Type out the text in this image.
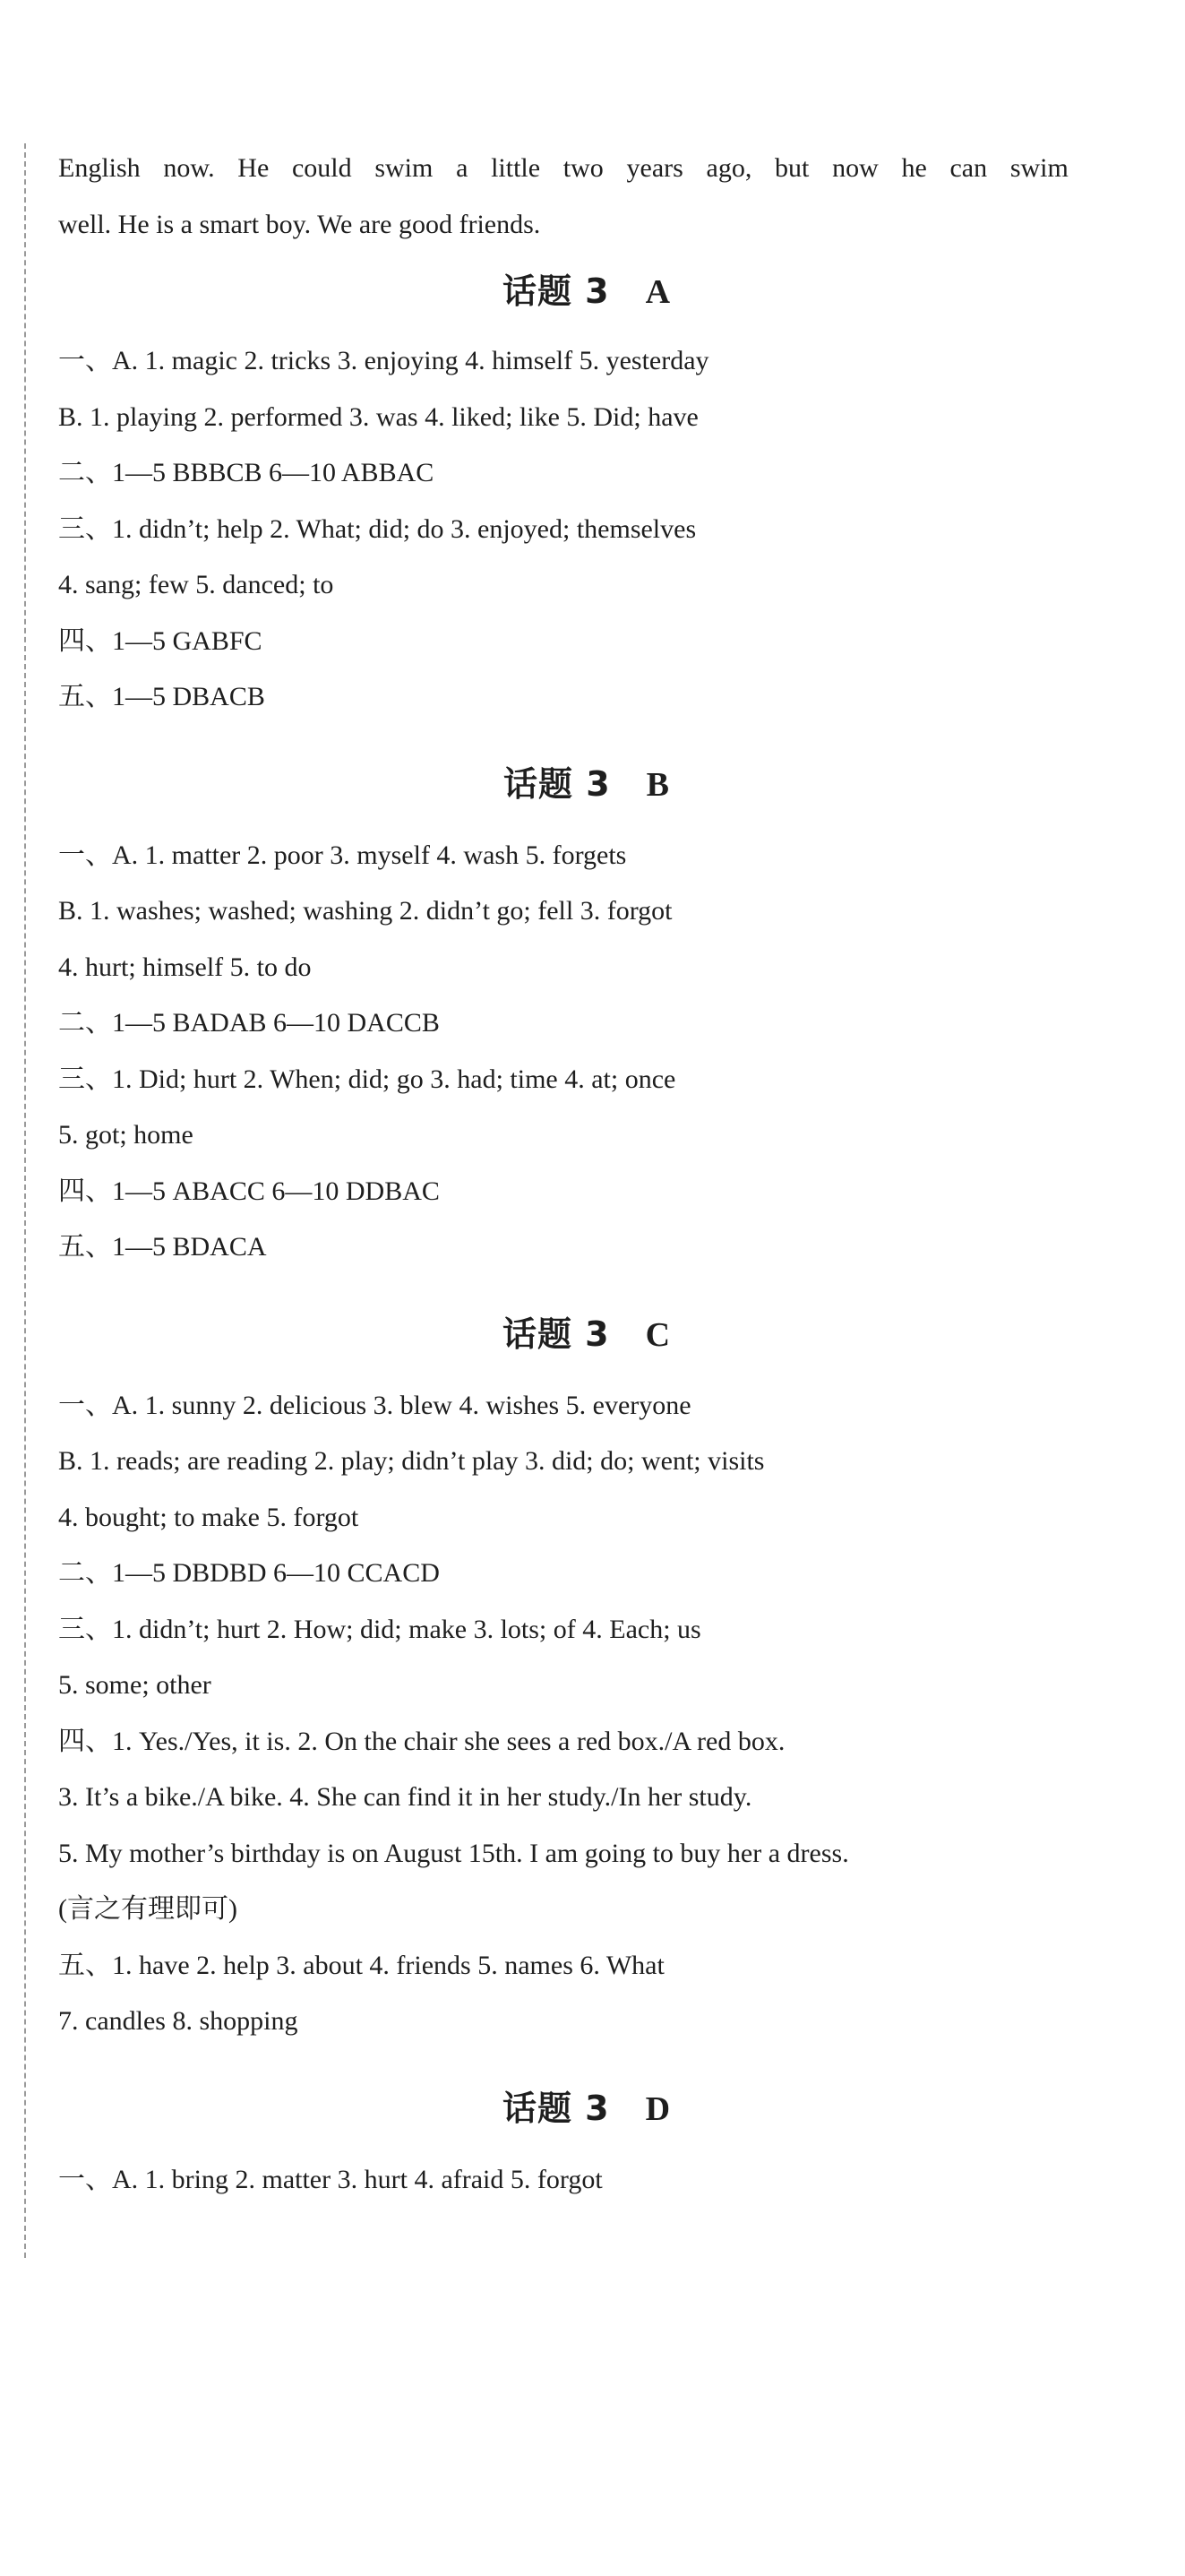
English now. He could swim a little two years ago, but now he can swim
well. He is a smart boy. We are good friends.
话题 3 A
一、A. 1. magic 2. tricks 3. enjoying 4. himself 5. yesterday
B. 1. playing 2. performed 3. was 4. liked; like 5. Did; have
二、1—5 BBBCB 6—10 ABBAC
三、1. didn’t; help 2. What; did; do 3. enjoyed; themselves
4. sang; few 5. danced; to
四、1—5 GABFC
五、1—5 DBACB
话题 3 B
一、A. 1. matter 2. poor 3. myself 4. wash 5. forgets
B. 1. washes; washed; washing 2. didn’t go; fell 3. forgot
4. hurt; himself 5. to do
二、1—5 BADAB 6—10 DACCB
三、1. Did; hurt 2. When; did; go 3. had; time 4. at; once
5. got; home
四、1—5 ABACC 6—10 DDBAC
五、1—5 BDACA
话题 3 C
一、A. 1. sunny 2. delicious 3. blew 4. wishes 5. everyone
B. 1. reads; are reading 2. play; didn’t play 3. did; do; went; visits
4. bought; to make 5. forgot
二、1—5 DBDBD 6—10 CCACD
三、1. didn’t; hurt 2. How; did; make 3. lots; of 4. Each; us
5. some; other
四、1. Yes./Yes, it is. 2. On the chair she sees a red box./A red box.
3. It’s a bike./A bike. 4. She can find it in her study./In her study.
5. My mother’s birthday is on August 15th. I am going to buy her a dress.
(言之有理即可)
五、1. have 2. help 3. about 4. friends 5. names 6. What
7. candles 8. shopping
话题 3 D
一、A. 1. bring 2. matter 3. hurt 4. afraid 5. forgot
